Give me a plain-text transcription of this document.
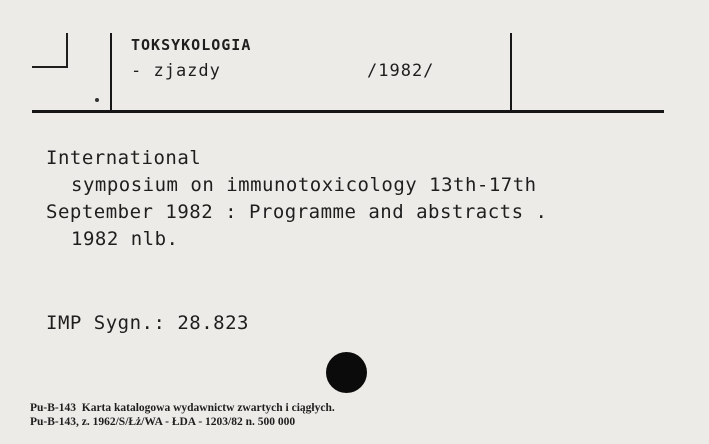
TOKSYKOLOGIA
- zjazdy	/1982/
International
symposium on immunotoxicology 13th-17th
September 1982 : Programme and abstracts .
1982 nlb.
IMP Sygn.: 28.823
Pu-B-143  Karta katalogowa wydawnictw zwartych i ciągłych.
Pu-B-143, z. 1962/S/Łż/WA - ŁDA - 1203/82 n. 500 000
